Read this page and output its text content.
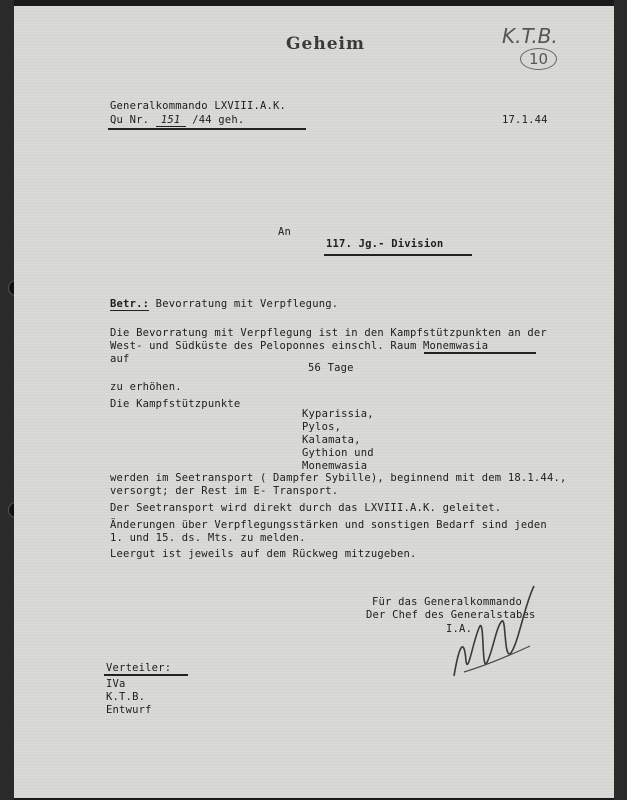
Geheim	K.T.B.
10
Generalkommando LXVIII.A.K.
Qu Nr. 151 /44 geh.	17.1.44
An
117. Jg.- Division
Betr.: Bevorratung mit Verpflegung.
Die Bevorratung mit Verpflegung ist in den Kampfstützpunkten an der
West- und Südküste des Peloponnes einschl. Raum Monemwasia
auf
56 Tage
zu erhöhen.
Die Kampfstützpunkte
Kyparissia,
Pylos,
Kalamata,
Gythion und
Monemwasia
werden im Seetransport ( Dampfer Sybille), beginnend mit dem 18.1.44.,
versorgt; der Rest im E- Transport.
Der Seetransport wird direkt durch das LXVIII.A.K. geleitet.
Änderungen über Verpflegungsstärken und sonstigen Bedarf sind jeden
1. und 15. ds. Mts. zu melden.
Leergut ist jeweils auf dem Rückweg mitzugeben.
Für das Generalkommando
Der Chef des Generalstabes
I.A.
Verteiler:
IVa
K.T.B.
Entwurf
